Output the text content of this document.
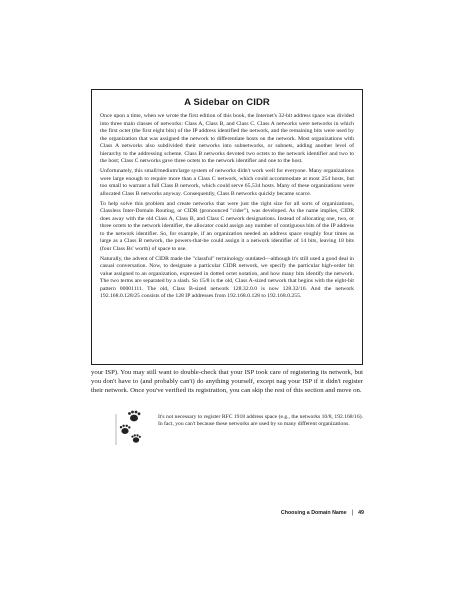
A Sidebar on CIDR

Once upon a time, when we wrote the first edition of this book, the Internet's 32-bit address space was divided into three main classes of networks: Class A, Class B, and Class C. Class A networks were networks in which the first octet (the first eight bits) of the IP address identified the network, and the remaining bits were used by the organization that was assigned the network to differentiate hosts on the network. Most organizations with Class A networks also subdivided their networks into subnetworks, or subnets, adding another level of hierarchy to the addressing scheme. Class B networks devoted two octets to the network identifier and two to the host; Class C networks gave three octets to the network identifier and one to the host.

Unfortunately, this small/medium/large system of networks didn't work well for everyone. Many organizations were large enough to require more than a Class C network, which could accommodate at most 254 hosts, but too small to warrant a full Class B network, which could serve 65,534 hosts. Many of these organizations were allocated Class B networks anyway. Consequently, Class B networks quickly became scarce.

To help solve this problem and create networks that were just the right size for all sorts of organizations, Classless Inter-Domain Routing, or CIDR (pronounced "cider"), was developed. As the name implies, CIDR does away with the old Class A, Class B, and Class C network designations. Instead of allocating one, two, or three octets to the network identifier, the allocator could assign any number of contiguous bits of the IP address to the network identifier. So, for example, if an organization needed an address space roughly four times as large as a Class B network, the powers-that-be could assign it a network identifier of 14 bits, leaving 18 bits (four Class Bs' worth) of space to use.

Naturally, the advent of CIDR made the "classful" terminology outdated—although it's still used a good deal in casual conversation. Now, to designate a particular CIDR network, we specify the particular high-order bit value assigned to an organization, expressed in dotted octet notation, and how many bits identify the network. The two terms are separated by a slash. So 15/8 is the old, Class A-sized network that begins with the eight-bit pattern 00001111. The old, Class B-sized network 128.32.0.0 is now 128.32/16. And the network 192.168.0.128/25 consists of the 128 IP addresses from 192.168.0.128 to 192.168.0.255.

your ISP). You may still want to double-check that your ISP took care of registering its network, but you don't have to (and probably can't) do anything yourself, except nag your ISP if it didn't register their network. Once you've verified its registration, you can skip the rest of this section and move on.

It's not necessary to register RFC 1918 address space (e.g., the networks 10/8, 192.168/16). In fact, you can't because these networks are used by so many different organizations.

Choosing a Domain Name | 49
